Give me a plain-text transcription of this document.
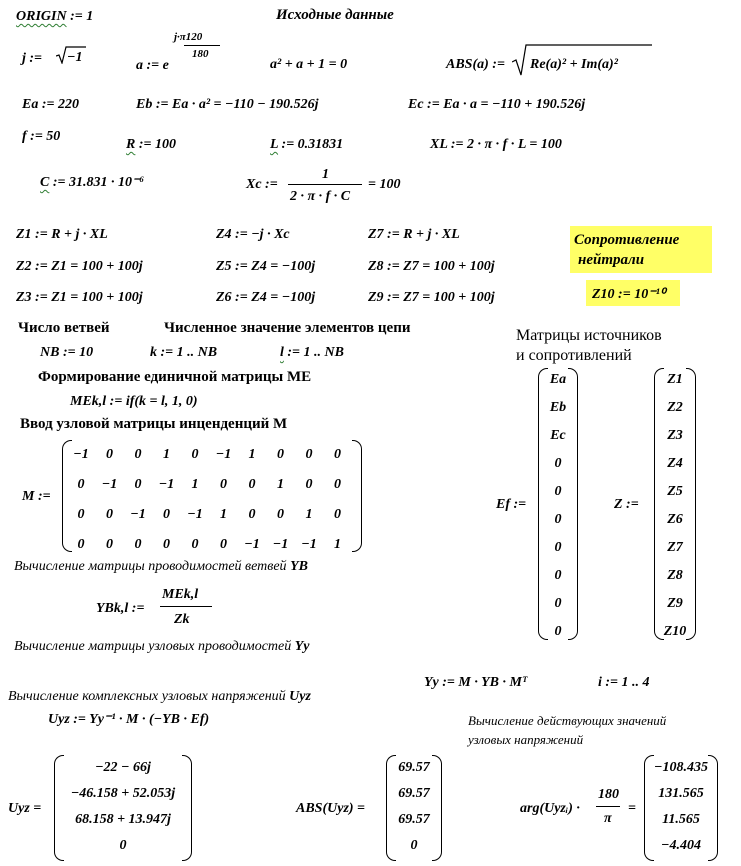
ORIGIN := 1	Исходные данные
j := −1
a := e
j·π120
180
a² + a + 1 = 0	ABS(a) := Re(a)² + Im(a)²
Ea := 220	Eb := Ea · a² = −110 − 190.526j	Ec := Ea · a = −110 + 190.526j
f := 50
R := 100	L := 0.31831	XL := 2 · π · f · L = 100
C := 31.831 · 10⁻⁶	Xc :=
1
2 · π · f · C
= 100
Z1 := R + j · XL
Z2 := Z1 = 100 + 100j
Z3 := Z1 = 100 + 100j
Z4 := −j · Xc
Z5 := Z4 = −100j
Z6 := Z4 = −100j
Z7 := R + j · XL
Z8 := Z7 = 100 + 100j
Z9 := Z7 = 100 + 100j
Сопротивление
нейтрали
Z10 := 10⁻¹⁰
Число ветвей	Численное значение элементов цепи
NB := 10	k := 1 .. NB	l := 1 .. NB
Формирование единичной матрицы ME
MEk,l := if(k = l, 1, 0)
Ввод узловой матрицы инценденций M
M :=
−1	0	0	1	0	−1	1	0	0	0
0	−1	0	−1	1	0	0	1	0	0
0	0	−1	0	−1	1	0	0	1	0
0	0	0	0	0	0	−1 −1 −1	1
Матрицы источников
и сопротивлений
Ef :=
Ea
Eb
Ec
0
0
0
0
0
0
0
Z :=
Z1
Z2
Z3
Z4
Z5
Z6
Z7
Z8
Z9
Z10
Вычисление матрицы проводимостей ветвей YB
YBk,l :=
MEk,l
Zk
Вычисление матрицы узловых проводимостей Yy
Yy := M · YB · Mᵀ	i := 1 .. 4
Вычисление комплексных узловых напряжений Uyz
Uyz := Yy⁻¹ · M · (−YB · Ef)	Вычисление действующих значений
узловых напряжений
Uyz =
−22 − 66j
−46.158 + 52.053j
68.158 + 13.947j
0
ABS(Uyz) =
69.57
69.57
69.57
0
arg(Uyzᵢ) ·
180
π
=
−108.435
131.565
11.565
−4.404
